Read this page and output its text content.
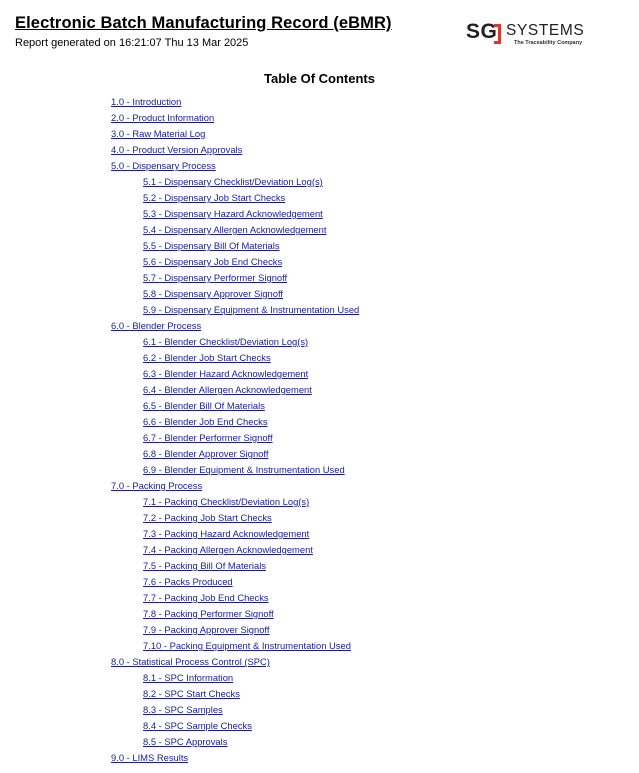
Electronic Batch Manufacturing Record (eBMR)
Report generated on 16:21:07 Thu 13 Mar 2025	SG SYSTEMS
The Traceability Company
Table Of Contents
1.0 - Introduction
2.0 - Product Information
3.0 - Raw Material Log
4.0 - Product Version Approvals
5.0 - Dispensary Process
5.1 - Dispensary Checklist/Deviation Log(s)
5.2 - Dispensary Job Start Checks
5.3 - Dispensary Hazard Acknowledgement
5.4 - Dispensary Allergen Acknowledgement
5.5 - Dispensary Bill Of Materials
5.6 - Dispensary Job End Checks
5.7 - Dispensary Performer Signoff
5.8 - Dispensary Approver Signoff
5.9 - Dispensary Equipment & Instrumentation Used
6.0 - Blender Process
6.1 - Blender Checklist/Deviation Log(s)
6.2 - Blender Job Start Checks
6.3 - Blender Hazard Acknowledgement
6.4 - Blender Allergen Acknowledgement
6.5 - Blender Bill Of Materials
6.6 - Blender Job End Checks
6.7 - Blender Performer Signoff
6.8 - Blender Approver Signoff
6.9 - Blender Equipment & Instrumentation Used
7.0 - Packing Process
7.1 - Packing Checklist/Deviation Log(s)
7.2 - Packing Job Start Checks
7.3 - Packing Hazard Acknowledgement
7.4 - Packing Allergen Acknowledgement
7.5 - Packing Bill Of Materials
7.6 - Packs Produced
7.7 - Packing Job End Checks
7.8 - Packing Performer Signoff
7.9 - Packing Approver Signoff
7.10 - Packing Equipment & Instrumentation Used
8.0 - Statistical Process Control (SPC)
8.1 - SPC Information
8.2 - SPC Start Checks
8.3 - SPC Samples
8.4 - SPC Sample Checks
8.5 - SPC Approvals
9.0 - LIMS Results
